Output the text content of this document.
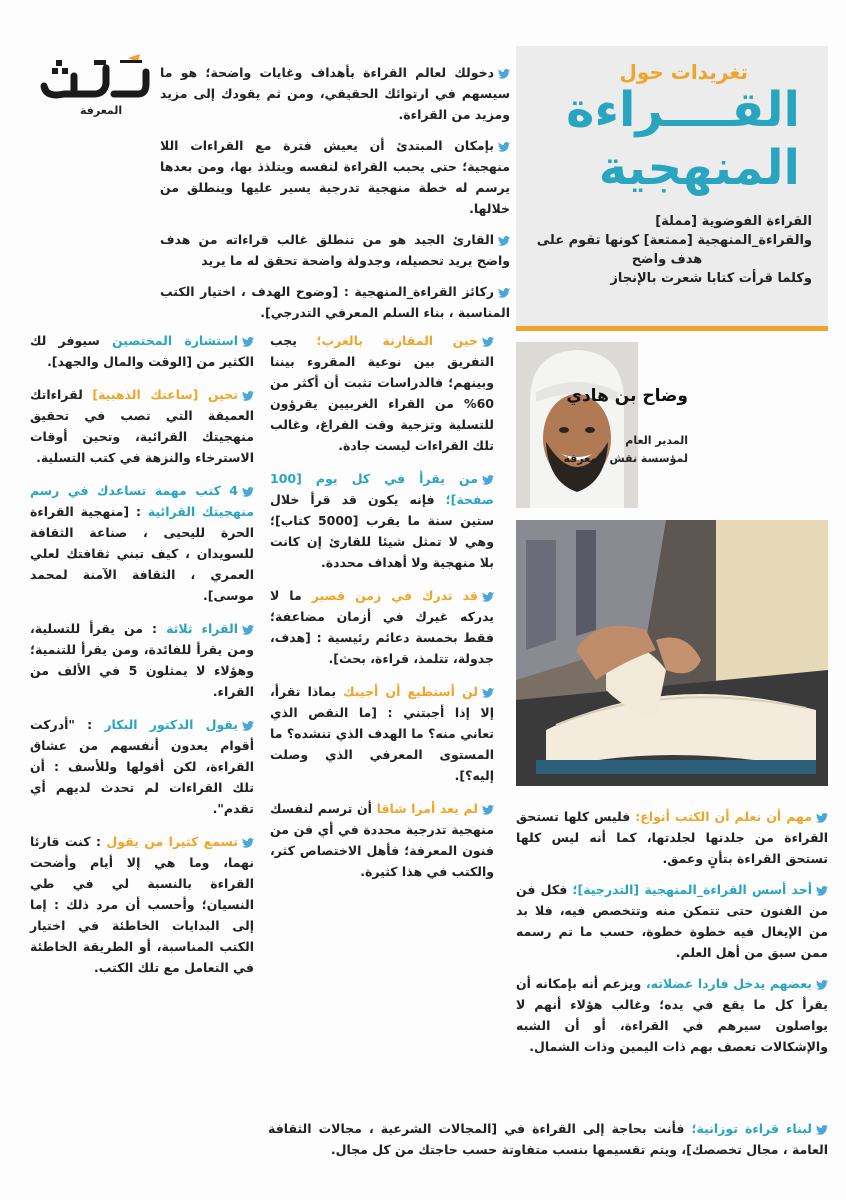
المعرفة
دخولك لعالم القراءة بأهداف وغايات واضحة؛ هو ما سيسهم في ارتوائك الحقيقي، ومن ثم يقودك إلى مزيد ومزيد من القراءة.
بإمكان المبتدئ أن يعيش فترة مع القراءات اللا منهجية؛ حتى يحبب القراءة لنفسه ويتلذذ بها، ومن بعدها يرسم له خطة منهجية تدرجية يسير عليها وينطلق من خلالها.
القارئ الجيد هو من تنطلق غالب قراءاته من هدف واضح يريد تحصيله، وجدولة واضحة تحقق له ما يريد
ركائز القراءة_المنهجية : [وضوح الهدف ، اختيار الكتب المناسبة ، بناء السلم المعرفي التدرجي].
تغريدات حول
القــــراءة
المنهجية
القراءة الفوضوية [مملة]
والقراءة_المنهجية [ممتعة] كونها تقوم على
هدف واضح
وكلما قرأت كتابا شعرت بالإنجاز
وضاح بن هادي
المدير العام
لمؤسسة نقش المعرفة
استشارة المختصين سيوفر لك الكثير من [الوقت والمال والجهد].
تحين [ساعتك الذهبية] لقراءاتك العميقة التي تصب في تحقيق منهجيتك القرائية، وتحين أوقات الاسترخاء والنزهة في كتب التسلية.
4 كتب مهمة تساعدك في رسم منهجيتك القرائية : [منهجية القراءة الحرة لليحيى ، صناعة الثقافة للسويدان ، كيف تبني ثقافتك لعلي العمري ، الثقافة الآمنة لمحمد موسى].
القراء ثلاثة : من يقرأ للتسلية، ومن يقرأ للفائدة، ومن يقرأ للتنمية؛ وهؤلاء لا يمثلون 5 في الألف من القراء.
يقول الدكتور البكار : "أدركت أقوام يعدون أنفسهم من عشاق القراءة، لكن أقولها وللأسف : أن تلك القراءات لم تحدث لديهم أي تقدم".
تسمع كثيرا من يقول : كنت قارئا نهما، وما هي إلا أيام وأضحت القراءة بالنسبة لي في طي النسيان؛ وأحسب أن مرد ذلك : إما إلى البدايات الخاطئة في اختيار الكتب المناسبة، أو الطريقة الخاطئة في التعامل مع تلك الكتب.
حين المقارنة بالغرب؛ يجب التفريق بين نوعية المقروء بيننا وبينهم؛ فالدراسات تثبت أن أكثر من 60% من القراء الغربيين يقرؤون للتسلية وتزجية وقت الفراغ، وغالب تلك القراءات ليست جادة.
من يقرأ في كل يوم [100 صفحة]؛ فإنه يكون قد قرأ خلال ستين سنة ما يقرب [5000 كتاب]؛ وهي لا تمثل شيئا للقارئ إن كانت بلا منهجية ولا أهداف محددة.
قد تدرك في زمن قصير ما لا يدركه غيرك في أزمان مضاعفة؛ فقط بخمسة دعائم رئيسية : [هدف، جدولة، تتلمذ، قراءة، بحث].
لن أستطيع أن أجيبك بماذا تقرأ، إلا إذا أجبتني : [ما النقص الذي تعاني منه؟ ما الهدف الذي تنشده؟ ما المستوى المعرفي الذي وصلت إليه؟].
لم يعد أمرا شاقا أن ترسم لنفسك منهجية تدرجية محددة في أي فن من فنون المعرفة؛ فأهل الاختصاص كثر، والكتب في هذا كثيرة.
مهم أن نعلم أن الكتب أنواع: فليس كلها تستحق القراءة من جلدتها لجلدتها، كما أنه ليس كلها تستحق القراءة بتأنٍ وعمق.
أحد أسس القراءة_المنهجية [التدرجية]؛ فكل فن من الفنون حتى تتمكن منه وتتخصص فيه، فلا بد من الإيغال فيه خطوة خطوة، حسب ما تم رسمه ممن سبق من أهل العلم.
بعضهم يدخل فاردا عضلاته، ويزعم أنه بإمكانه أن يقرأ كل ما يقع في يده؛ وغالب هؤلاء أنهم لا يواصلون سيرهم في القراءة، أو أن الشبه والإشكالات تعصف بهم ذات اليمين وذات الشمال.
لبناء قراءة توزانية؛ فأنت بحاجة إلى القراءة في [المجالات الشرعية ، مجالات الثقافة العامة ، مجال تخصصك]، ويتم تقسيمها بنسب متفاوتة حسب حاجتك من كل مجال.
